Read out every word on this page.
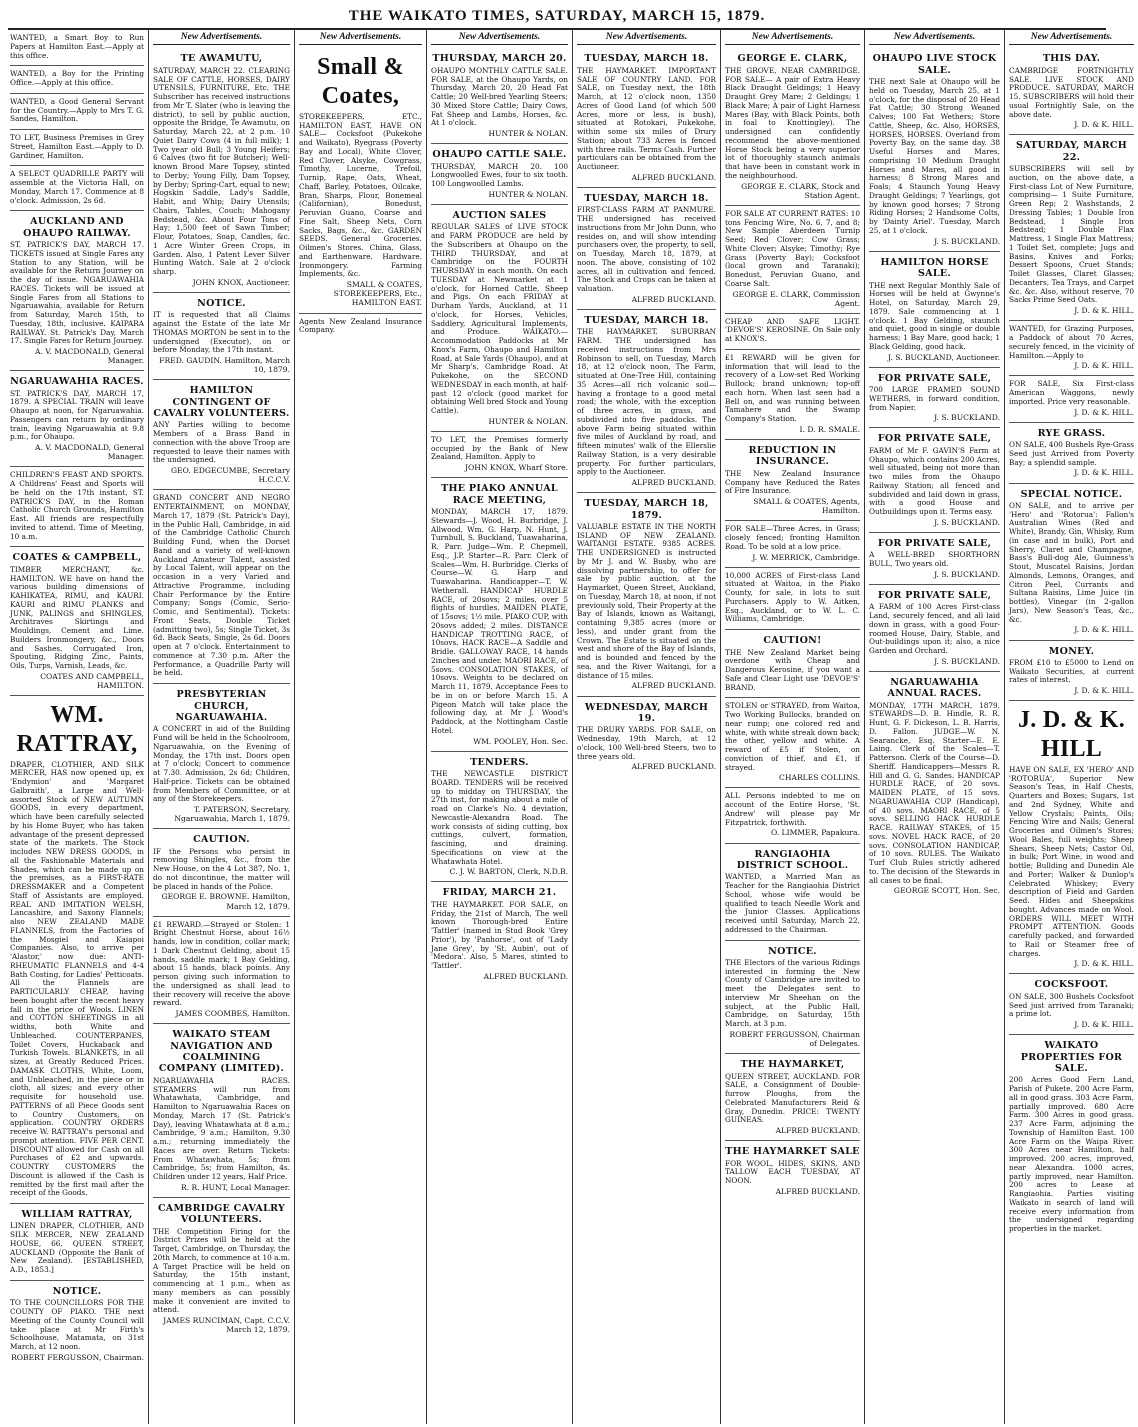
THE WAIKATO TIMES, SATURDAY, MARCH 15, 1879.
WANTED, a Smart Boy to Run Papers at Hamilton East.—Apply at this office.
WANTED, a Boy for the Printing Office.—Apply at this office.
WANTED, a Good General Servant for the Country.—Apply to Mrs T. G. Sandes, Hamilton.
TO LET, Business Premises in Grey Street, Hamilton East.—Apply to D. Gardiner, Hamilton.
A SELECT QUADRILLE PARTY will assemble at the Victoria Hall, on Monday, March 17. Commence at 8 o'clock. Admission, 2s 6d.
AUCKLAND AND OHAUPO RAILWAY.
ST. PATRICK'S DAY, MARCH 17. TICKETS issued at Single Fares any Station to any Station, will be available for the Return Journey on the day of issue. NGARUAWAHIA RACES. Tickets will be issued at Single Fares from all Stations to Ngaruawahia, available for Return from Saturday, March 15th, to Tuesday, 18th, inclusive. KAIPARA RAILWAY. St. Patrick's Day, March 17. Single Fares for Return Journey.
A. V. MACDONALD, General Manager.
NGARUAWAHIA RACES.
ST. PATRICK'S DAY, MARCH 17, 1879. A SPECIAL TRAIN will leave Ohaupo at noon, for Ngaruawahia. Passengers can return by ordinary train, leaving Ngaruawahia at 9.8 p.m., for Ohaupo.
A. V. MACDONALD, General Manager.
CHILDREN'S FEAST AND SPORTS. A Childrens' Feast and Sports will be held on the 17th instant, ST. PATRICK'S DAY, in the Roman Catholic Church Grounds, Hamilton East. All friends are respectfully invited to attend. Time of Meeting, 10 a.m.
COATES & CAMPBELL,
TIMBER MERCHANT, &c. HAMILTON. WE have on hand the various building dimensions of KAHIKATEA, RIMU, and KAURI. KAURI and RIMU PLANKS and JUNK, PALINGS and SHINGLES, Architraves Skirtings and Mouldings, Cement and Lime. Builders Ironmongery, &c., Doors and Sashes. Corrugated Iron, Spouting, Ridging Zinc, Paints, Oils, Turps, Varnish, Leads, &c.
COATES AND CAMPBELL, HAMILTON.
WM. RATTRAY,
DRAPER, CLOTHIER, AND SILK MERCER, HAS now opened up, ex 'Endymion' and 'Margaret Galbraith', a Large and Well-assorted Stock of NEW AUTUMN GOODS, in every department, which have been carefully selected by his Home Buyer, who has taken advantage of the present depressed state of the markets. The Stock includes NEW DRESS GOODS, in all the Fashionable Materials and Shades, which can be made up on the premises, as a FIRST-RATE DRESSMAKER and a Competent Staff of Assistants are employed. REAL AND IMITATION WELSH, Lancashire, and Saxony Flannels; also NEW ZEALAND MADE FLANNELS, from the Factories of the Mosgiel and Kaiapoi Companies. Also, to arrive per 'Alastor,' now due: ANTI-RHEUMATIC FLANNELS and 4-4 Bath Costing, for Ladies' Petticoats. All the Flannels are PARTICULARLY CHEAP, having been bought after the recent heavy fall in the price of Wools. LINEN and COTTON SHEETINGS in all widths, both White and Unbleached. COUNTERPANES, Toilet Covers, Huckaback and Turkish Towels. BLANKETS, in all sizes, at Greatly Reduced Prices. DAMASK CLOTHS, White, Loom, and Unbleached, in the piece or in cloth, all sizes; and every other requisite for household use. PATTERNS of all Piece Goods sent to Country Customers, on application. COUNTRY ORDERS receive W. RATTRAY's personal and prompt attention. FIVE PER CENT. DISCOUNT allowed for Cash on all Purchases of £2 and upwards. COUNTRY CUSTOMERS the Discount is allowed if the Cash is remitted by the first mail after the receipt of the Goods.
WILLIAM RATTRAY,
LINEN DRAPER, CLOTHIER, AND SILK MERCER, NEW ZEALAND HOUSE, 66, QUEEN STREET, AUCKLAND (Opposite the Bank of New Zealand). [ESTABLISHED, A.D., 1853.]
NOTICE.
TO THE COUNCILLORS FOR THE COUNTY OF PIAKO. THE next Meeting of the County Council will take place at Mr Firth's Schoolhouse, Matamata, on 31st March, at 12 noon.
ROBERT FERGUSSON, Chairman.
New Advertisements.
TE AWAMUTU,
SATURDAY, MARCH 22. CLEARING SALE OF CATTLE, HORSES, DAIRY UTENSILS, FURNITURE, Etc. THE Subscriber has received instructions from Mr T. Slater (who is leaving the district), to sell by public auction, opposite the Bridge, Te Awamutu, on Saturday, March 22, at 2 p.m. 10 Quiet Dairy Cows (4 in full milk); 1 Two year old Bull; 3 Young Heifers; 6 Calves (two fit for Butcher); Well-known Brood Mare Topsey, stinted to Derby; Young Filly, Dam Topsey, by Derby; Spring-Cart, equal to new; Hogskin Saddle, Lady's Saddle, Habit, and Whip; Dairy Utensils; Chairs, Tables, Couch; Mahogany Bedstead, &c. About Four Tons of Hay; 1,500 feet of Sawn Timber; Flour, Potatoes, Soap, Candles, &c. 1 Acre Winter Green Crops, in Garden. Also, 1 Patent Lever Silver Hunting Watch. Sale at 2 o'clock sharp.
JOHN KNOX, Auctioneer.
NOTICE.
IT is requested that all Claims against the Estate of the late Mr THOMAS MORTON be sent in to the undersigned (Executor), on or before Monday, the 17th instant.
FRED. GAUDIN. Hamilton, March 10, 1879.
HAMILTON CONTINGENT OF CAVALRY VOLUNTEERS.
ANY Parties willing to become Members of a Brass Band in connection with the above Troop are requested to leave their names with the undersigned.
GEO. EDGECUMBE, Secretary H.C.C.V.
GRAND CONCERT AND NEGRO ENTERTAINMENT, on MONDAY, March 17, 1879 (St. Patrick's Day), in the Public Hall, Cambridge, in aid of the Cambridge Catholic Church Building Fund, when the Dorset Band and a variety of well-known Auckland Amateur Talent, assisted by Local Talent, will appear on the occasion in a very Varied and Attractive Programme, including Chair Performance by the Entire Company; Songs (Comic, Serio-Comic, and Sentimental). Tickets: Front Seats, Double Ticket (admitting two), 5s; Single Ticket, 3s 6d. Back Seats, Single, 2s 6d. Doors open at 7 o'clock. Entertainment to commence at 7.30 p.m. After the Performance, a Quadrille Party will be held.
PRESBYTERIAN CHURCH, NGARUAWAHIA.
A CONCERT in aid of the Building Fund will be held in the Schoolroom, Ngaruawahia, on the Evening of Monday, the 17th inst. Doors open at 7 o'clock; Concert to commence at 7.30. Admission, 2s 6d; Children, Half-price. Tickets can be obtained from Members of Committee, or at any of the Storekeepers.
T. PATERSON, Secretary. Ngaruawahia, March 1, 1879.
CAUTION.
IF the Persons who persist in removing Shingles, &c., from the New House, on the 4 Lot 387, No. 1, do not discontinue, the matter will be placed in hands of the Police.
GEORGE E. BROWNE. Hamilton, March 12, 1879.
£1 REWARD.—Strayed or Stolen: 1 Bright Chestnut Horse, about 16½ hands, low in condition, collar mark; 1 Dark Chestnut Gelding, about 15 hands, saddle mark; 1 Bay Gelding, about 15 hands, black points. Any person giving such information to the undersigned as shall lead to their recovery will receive the above reward.
JAMES COOMBES, Hamilton.
WAIKATO STEAM NAVIGATION AND COALMINING COMPANY (LIMITED).
NGARUAWAHIA RACES. STEAMERS will run from Whatawhata, Cambridge, and Hamilton to Ngaruawahia Races on Monday, March 17 (St. Patrick's Day), leaving Whatawhata at 8 a.m.; Cambridge, 9 a.m.; Hamilton, 9.30 a.m.; returning immediately the Races are over. Return Tickets: From Whatawhata, 5s; from Cambridge, 5s; from Hamilton, 4s. Children under 12 years, Half Price.
R. R. HUNT, Local Manager.
CAMBRIDGE CAVALRY VOLUNTEERS.
THE Competition Firing for the District Prizes will be held at the Target, Cambridge, on Thursday, the 20th March, to commence at 10 a.m. A Target Practice will be held on Saturday, the 15th instant, commencing at 1 p.m., when as many members as can possibly make it convenient are invited to attend.
JAMES RUNCIMAN, Capt. C.C.V. March 12, 1879.
New Advertisements.
Small & Coates,
STOREKEEPERS, ETC., HAMILTON EAST, HAVE ON SALE— Cocksfoot (Pukekohe and Waikato), Ryegrass (Poverty Bay and Local), White Clover, Red Clover, Alsyke, Cowgrass, Timothy, Lucerne, Trefoil, Turnip, Rape, Oats, Wheat, Chaff, Barley, Potatoes, Oilcake, Bran, Sharps, Flour, Bonemeal (Californian), Bonedust, Peruvian Guano, Coarse and Fine Salt, Sheep Nets, Corn Sacks, Bags, &c., &c. GARDEN SEEDS. General Groceries. Oilmen's Stores. China, Glass, and Earthenware. Hardware. Ironmongery. Farming Implements, &c.
SMALL & COATES, STOREKEEPERS, Etc., HAMILTON EAST.
Agents New Zealand Insurance Company.
New Advertisements.
THURSDAY, MARCH 20.
OHAUPO MONTHLY CATTLE SALE. FOR SALE, at the Ohaupo Yards, on Thursday, March 20, 20 Head Fat Cattle; 20 Well-bred Yearling Steers; 30 Mixed Store Cattle; Dairy Cows, Fat Sheep and Lambs, Horses, &c. At 1 o'clock.
HUNTER & NOLAN.
OHAUPO CATTLE SALE.
THURSDAY, MARCH 20. 100 Longwoolled Ewes, four to six tooth. 100 Longwoolled Lambs.
HUNTER & NOLAN.
AUCTION SALES
REGULAR SALES of LIVE STOCK and FARM PRODUCE are held by the Subscribers at Ohaupo on the THIRD THURSDAY, and at Cambridge on the FOURTH THURSDAY in each month. On each TUESDAY at Newmarket at 1 o'clock, for Horned Cattle, Sheep and Pigs. On each FRIDAY at Durham Yards, Auckland, at 11 o'clock, for Horses, Vehicles, Saddlery, Agricultural Implements, and Produce. WAIKATO.—Accommodation Paddocks at Mr Knox's Farm, Ohaupo and Hamilton Road, at Sale Yards (Ohaupo), and at Mr Sharp's, Cambridge Road. At Pukekohe, on the SECOND WEDNESDAY in each month, at half-past 12 o'clock (good market for obtaining Well bred Stock and Young Cattle).
HUNTER & NOLAN.
TO LET, the Premises formerly occupied by the Bank of New Zealand, Hamilton. Apply to
JOHN KNOX, Wharf Store.
THE PIAKO ANNUAL RACE MEETING,
MONDAY, MARCH 17, 1879. Stewards—J. Wood, H. Burbridge, J. Allwood, Wm. G. Harp, N. Hunt, J. Turnbull, S. Buckland, Tuawaharina, R. Parr. Judge—Wm. P. Chepmell, Esq., J.P. Starter—R. Parr. Clerk of Scales—Wm. H. Burbridge. Clerks of Course—W. G. Harp and Tuawaharina. Handicapper—T. W. Wetherall. HANDICAP HURDLE RACE, of 20sovs; 2 miles, over 5 flights of hurdles. MAIDEN PLATE, of 15sovs; 1½ mile. PIAKO CUP, with 20sovs added; 2 miles. DISTANCE HANDICAP TROTTING RACE, of 10sovs. HACK RACE—A Saddle and Bridle. GALLOWAY RACE, 14 hands 2inches and under. MAORI RACE, of 5sovs. CONSOLATION STAKES, of 10sovs. Weights to be declared on March 11, 1879. Acceptance Fees to be in on or before March 15. A Pigeon Match will take place the following day, at Mr J. Wood's Paddock, at the Nottingham Castle Hotel.
WM. POOLEY, Hon. Sec.
TENDERS.
THE NEWCASTLE DISTRICT BOARD. TENDERS will be received up to midday on THURSDAY, the 27th inst, for making about a mile of road on Clarke's No. 4 deviation, Newcastle-Alexandra Road. The work consists of siding cutting, box cuttings, culvert, formation, fascining, and draining. Specifications on view at the Whatawhata Hotel.
C. J. W. BARTON, Clerk, N.D.B.
FRIDAY, MARCH 21.
THE HAYMARKET. FOR SALE, on Friday, the 21st of March, The well known Thorough-bred Entire 'Tattler' (named in Stud Book 'Grey Prior'), by 'Panhorse', out of 'Lady Jane Grey', by 'St. Aubin', out of 'Medora'. Also, 5 Mares, stinted to 'Tattler'.
ALFRED BUCKLAND.
New Advertisements.
TUESDAY, MARCH 18.
THE HAYMARKET. IMPORTANT SALE OF COUNTRY LAND. FOR SALE, on Tuesday next, the 18th March, at 12 o'clock noon, 1350 Acres of Good Land (of which 500 Acres, more or less, is bush), situated at Rotokari, Pukekohe, within some six miles of Drury Station; about 733 Acres is fenced with three rails. Terms Cash. Further particulars can be obtained from the Auctioneer.
ALFRED BUCKLAND.
TUESDAY, MARCH 18.
FIRST-CLASS FARM AT PANMURE. THE undersigned has received instructions from Mr John Dunn, who resides on, and will show intending purchasers over, the property, to sell, on Tuesday, March 18, 1879, at noon. The above, consisting of 102 acres, all in cultivation and fenced. The Stock and Crops can be taken at valuation.
ALFRED BUCKLAND.
TUESDAY, MARCH 18.
THE HAYMARKET. SUBURBAN FARM. THE undersigned has received instructions from Mrs Robinson to sell, on Tuesday, March 18, at 12 o'clock noon, The Farm, situated at One-Tree Hill, containing 35 Acres—all rich volcanic soil—having a frontage to a good metal road; the whole, with the exception of three acres, in grass, and subdivided into five paddocks. The above Farm being situated within five miles of Auckland by road, and fifteen minutes' walk of the Ellerslie Railway Station, is a very desirable property. For further particulars, apply to the Auctioneer.
ALFRED BUCKLAND.
TUESDAY, MARCH 18, 1879.
VALUABLE ESTATE IN THE NORTH ISLAND OF NEW ZEALAND. WAITANGI ESTATE. 9385 ACRES. THE UNDERSIGNED is instructed by Mr J. and W. Busby, who are dissolving partnership, to offer for sale by public auction, at the Haymarket, Queen Street, Auckland, on Tuesday, March 18, at noon, if not previously sold, Their Property at the Bay of Islands, known as Waitangi, containing 9,385 acres (more or less), and under grant from the Crown. The Estate is situated on the west and shore of the Bay of Islands, and is bounded and fenced by the sea, and the River Waitangi, for a distance of 15 miles.
ALFRED BUCKLAND.
WEDNESDAY, MARCH 19.
THE DRURY YARDS. FOR SALE, on Wednesday, 19th March, at 12 o'clock, 100 Well-bred Steers, two to three years old.
ALFRED BUCKLAND.
New Advertisements.
GEORGE E. CLARK,
THE GROVE, NEAR CAMBRIDGE. FOR SALE— A pair of Extra Heavy Black Draught Geldings; 1 Heavy Draught Grey Mare; 2 Geldings; 1 Black Mare; A pair of Light Harness Mares (Bay, with Black Points, both in foal to Knottingley). The undersigned can confidently recommend the above-mentioned Horse Stock being a very superior lot of thoroughly staunch animals that have been in constant work in the neighbourhood.
GEORGE E. CLARK, Stock and Station Agent.
FOR SALE AT CURRENT RATES: 10 tons Fencing Wire, No. 6, 7, and 8; New Sample Aberdeen Turnip Seed; Red Clover; Cow Grass; White Clover; Alsyke; Timothy; Rye Grass (Poverty Bay); Cocksfoot (local grown and Taranaki); Bonedust, Peruvian Guano, and Coarse Salt.
GEORGE E. CLARK, Commission Agent.
CHEAP AND SAFE LIGHT. 'DEVOE'S' KEROSINE. On Sale only at KNOX'S.
£1 REWARD will be given for information that will lead to the recovery of a Low-set Red Working Bullock; brand unknown; top-off each horn. When last seen had a Bell on, and was running between Tamahere and the Swamp Company's Station.
I. D. R. SMALE.
REDUCTION IN INSURANCE.
THE New Zealand Insurance Company have Reduced the Rates of Fire Insurance.
SMALL & COATES, Agents, Hamilton.
FOR SALE—Three Acres, in Grass; closely fenced; fronting Hamilton Road. To be sold at a low price.
J. W. MERRICK, Cambridge.
10,000 ACRES of First-class Land situated at Waitoa, in the Piako County, for sale, in lots to suit Purchasers. Apply to W. Aitken, Esq., Auckland, or to W. L. C. Williams, Cambridge.
CAUTION!
THE New Zealand Market being overdone with Cheap and Dangerous Kerosine, if you want a Safe and Clear Light use 'DEVOE'S' BRAND.
STOLEN or STRAYED, from Waitoa, Two Working Bullocks, branded on near rump; one colored red and white, with white streak down back; the other, yellow and white. A reward of £5 if Stolen, on conviction of thief, and £1, if strayed.
CHARLES COLLINS.
ALL Persons indebted to me on account of the Entire Horse, 'St. Andrew' will please pay Mr Fitzpatrick, forthwith.
O. LIMMER, Papakura.
RANGIAOHIA DISTRICT SCHOOL.
WANTED, a Married Man as Teacher for the Rangiaohia District School, whose wife would be qualified to teach Needle Work and the Junior Classes. Applications received until Saturday, March 22, addressed to the Chairman.
NOTICE.
THE Electors of the various Ridings interested in forming the New County of Cambridge are invited to meet the Delegates sent to interview Mr Sheehan on the subject, at the Public Hall, Cambridge, on Saturday, 15th March, at 3 p.m.
ROBERT FERGUSSON, Chairman of Delegates.
THE HAYMARKET,
QUEEN STREET, AUCKLAND. FOR SALE, a Consignment of Double-furrow Ploughs, from the Celebrated Manufacturers Reid & Gray, Dunedin. PRICE: TWENTY GUINEAS.
ALFRED BUCKLAND.
THE HAYMARKET SALE
FOR WOOL, HIDES, SKINS, AND TALLOW EACH TUESDAY, AT NOON.
ALFRED BUCKLAND.
New Advertisements.
OHAUPO LIVE STOCK SALE.
THE next Sale at Ohaupo will be held on Tuesday, March 25, at 1 o'clock, for the disposal of 20 Head Fat Cattle; 30 Strong Weaned Calves; 100 Fat Wethers; Store Cattle, Sheep, &c. Also, HORSES, HORSES, HORSES. Overland from Poverty Bay, on the same day. 38 Useful Horses and Mares, comprising 10 Medium Draught Horses and Mares, all good in harness; 8 Strong Mares and Foals; 4 Staunch Young Heavy Draught Geldings; 7 Yearlings, got by known good horses; 7 Strong Riding Horses; 2 Handsome Colts, by 'Dainty Ariel'. Tuesday, March 25, at 1 o'clock.
J. S. BUCKLAND.
HAMILTON HORSE SALE.
THE next Regular Monthly Sale of Horses will be held at Gwynne's Hotel, on Saturday, March 29, 1879. Sale commencing at 1 o'clock. 1 Bay Gelding, staunch and quiet, good in single or double harness; 1 Bay Mare, good hack; 1 Black Gelding, good hack.
J. S. BUCKLAND, Auctioneer.
FOR PRIVATE SALE,
700 LARGE FRAMED SOUND WETHERS, in forward condition, from Napier.
J. S. BUCKLAND.
FOR PRIVATE SALE,
FARM of Mr F. GAVIN'S Farm at Ohaupo, which contains 200 Acres, well situated, being not more than two miles from the Ohaupo Railway Station; all fenced and subdivided and laid down in grass, with a good House and Outbuildings upon it. Terms easy.
J. S. BUCKLAND.
FOR PRIVATE SALE,
A WELL-BRED SHORTHORN BULL, Two years old.
J. S. BUCKLAND.
FOR PRIVATE SALE,
A FARM of 100 Acres First-class Land, securely fenced, and all laid down in grass, with a good Four-roomed House, Dairy, Stable, and Out-buildings upon it; also, a nice Garden and Orchard.
J. S. BUCKLAND.
NGARUAWAHIA ANNUAL RACES.
MONDAY, 17TH MARCH, 1879. STEWARDS—D. B. Hindle, R. R. Hunt, G. F. Dickeson, L. B. Harris, D. Fallon. JUDGE—W. N. Searancke, Esq. Starter—E. E. Laing. Clerk of the Scales—T. Patterson. Clerk of the Course—D. Sheriff. Handicappers—Messrs R. Hill and G. G. Sandes. HANDICAP HURDLE RACE, of 20 sovs. MAIDEN PLATE, of 15 sovs. NGARUAWAHIA CUP (Handicap), of 40 sovs. MAORI RACE, of 5 sovs. SELLING HACK HURDLE RACE. RAILWAY STAKES, of 15 sovs. NOVEL HACK RACE, of 20 sovs. CONSOLATION HANDICAP, of 10 sovs. RULES. The Waikato Turf Club Rules strictly adhered to. The decision of the Stewards in all cases to be final.
GEORGE SCOTT, Hon. Sec.
New Advertisements.
THIS DAY.
CAMBRIDGE FORTNIGHTLY SALE. LIVE STOCK AND PRODUCE. SATURDAY, MARCH 15. SUBSCRIBERS will hold their usual Fortnightly Sale, on the above date.
J. D. & K. HILL.
SATURDAY, MARCH 22.
SUBSCRIBERS will sell by auction, on the above date, a First-class Lot of New Furniture, comprising— 1 Suite Furniture, Green Rep; 2 Washstands, 2 Dressing Tables; 1 Double Iron Bedstead, 1 Single Iron Bedstead; 1 Double Flax Mattress, 1 Single Flax Mattress; 1 Toilet Set, complete; Jugs and Basins, Knives and Forks; Dessert Spoons, Cruet Stands; Toilet Glasses, Claret Glasses; Decanters, Tea Trays, and Carpet &c. &c. Also, without reserve, 70 Sacks Prime Seed Oats.
J. D. & K. HILL.
WANTED, for Grazing Purposes, a Paddock of about 70 Acres, securely fenced, in the vicinity of Hamilton.—Apply to
J. D. & K. HILL.
FOR SALE, Six First-class American Waggons, newly imported. Price very reasonable.
J. D. & K. HILL.
RYE GRASS.
ON SALE, 400 Bushels Rye-Grass Seed just Arrived from Poverty Bay; a splendid sample.
J. D. & K. HILL.
SPECIAL NOTICE.
ON SALE, and to arrive per 'Hero' and 'Rotorua': Fallon's Australian Wines (Red and White), Brandy, Gin, Whisky, Rum (in case and in bulk), Port and Sherry, Claret and Champagne, Bass's Bull-dog Ale, Guinness's Stout, Muscatel Raisins, Jordan Almonds, Lemons, Oranges, and Citron Peel, Currants and Sultana Raisins, Lime Juice (in bottles), Vinegar (in 2-gallon Jars), New Season's Teas, &c., &c.
J. D. & K. HILL.
MONEY.
FROM £10 to £5000 to Lend on Waikato Securities, at current rates of interest.
J. D. & K. HILL.
J. D. & K. HILL
HAVE ON SALE, EX 'HERO' AND 'ROTORUA', Superior New Season's Teas, in Half Chests, Quarters and Boxes; Sugars, 1st and 2nd Sydney, White and Yellow Crystals; Paints, Oils; Fencing Wire and Nails; General Groceries and Oilmen's Stores; Wool Bales, full weights; Sheep Shears, Sheep Nets; Castor Oil, in bulk; Port Wine, in wood and bottle; Bullding and Dunedin Ale and Porter; Walker & Dunlop's Celebrated Whiskey; Every description of Field and Garden Seed. Hides and Sheepskins bought. Advances made on Wool. ORDERS WILL MEET WITH PROMPT ATTENTION. Goods carefully packed, and forwarded to Rail or Steamer free of charges.
J. D. & K. HILL.
COCKSFOOT.
ON SALE, 300 Bushels Cocksfoot Seed just arrived from Taranaki; a prime lot.
J. D. & K. HILL.
WAIKATO PROPERTIES FOR SALE.
200 Acres Good Fern Land, Parish of Pukete. 200 Acre Farm, all in good grass. 303 Acre Farm, partially improved. 680 Acre Farm. 300 Acres in good grass. 237 Acre Farm, adjoining the Township of Hamilton East. 100 Acre Farm on the Waipa River. 300 Acres near Hamilton, half improved. 200 acres, improved, near Alexandra. 1000 acres, partly improved, near Hamilton. 200 acres to Lease at Rangiaohia. Parties visiting Waikato in search of land will receive every information from the undersigned regarding properties in the market.
